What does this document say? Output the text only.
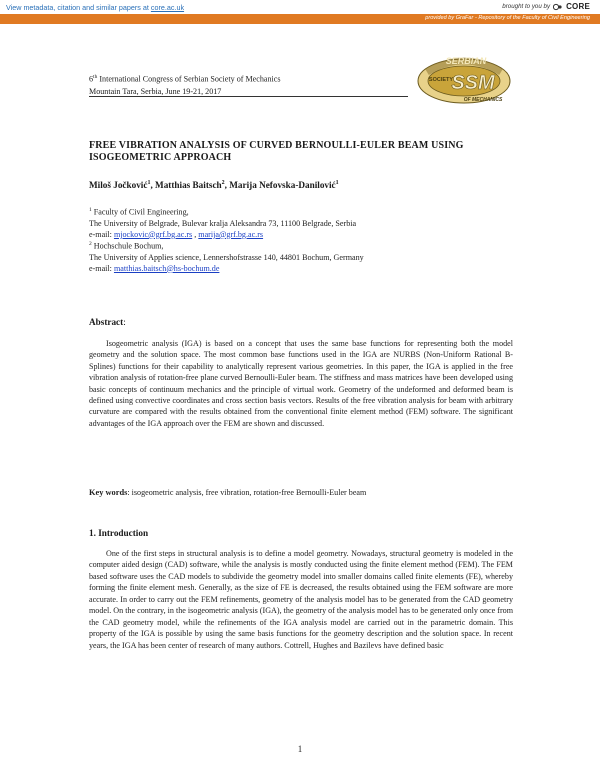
View metadata, citation and similar papers at core.ac.uk	brought to you by CORE
provided by GraFar - Repository of the Faculty of Civil Engineering
6th International Congress of Serbian Society of Mechanics
Mountain Tara, Serbia, June 19-21, 2017
SERBIAN
SOCIETY
SSM
OF MECHANICS
FREE VIBRATION ANALYSIS OF CURVED BERNOULLI-EULER BEAM USING ISOGEOMETRIC APPROACH
Miloš Jočković$^1$, Matthias Baitsch$^2$, Marija Nefovska-Danilović$^1$
$^1$ Faculty of Civil Engineering,
The University of Belgrade, Bulevar kralja Aleksandra 73, 11100 Belgrade, Serbia
e-mail: mjockovic@grf.bg.ac.rs , marija@grf.bg.ac.rs
$^2$ Hochschule Bochum,
The University of Applies science, Lennershofstrasse 140, 44801 Bochum, Germany
e-mail: matthias.baitsch@hs-bochum.de
Abstract:
Isogeometric analysis (IGA) is based on a concept that uses the same base functions for representing both the model geometry and the solution space. The most common base functions used in the IGA are NURBS (Non-Uniform Rational B-Splines) functions for their capability to analytically represent various geometries. In this paper, the IGA is applied in the free vibration analysis of rotation-free plane curved Bernoulli-Euler beam. The stiffness and mass matrices have been developed using basic concepts of continuum mechanics and the principle of virtual work. Geometry of the undeformed and deformed beam is defined using convective coordinates and cross section basis vectors. Results of the free vibration analysis for beam with arbitrary curvature are compared with the results obtained from the conventional finite element method (FEM) software. The significant advantages of the IGA approach over the FEM are shown and discussed.
Key words: isogeometric analysis, free vibration, rotation-free Bernoulli-Euler beam
1. Introduction
One of the first steps in structural analysis is to define a model geometry. Nowadays, structural geometry is modeled in the computer aided design (CAD) software, while the analysis is mostly conducted using the finite element method (FEM). The FEM based software uses the CAD models to subdivide the geometry model into smaller domains called finite elements (FE), whereby forming the finite element mesh. Generally, as the size of FE is decreased, the results obtained using the FEM software are more accurate. In order to carry out the FEM refinements, geometry of the analysis model has to be generated from the CAD geometry model. On the contrary, in the isogeometric analysis (IGA), the geometry of the analysis model has to be generated only once from the CAD geometry model, while the refinements of the IGA analysis model are carried out in the parametric domain. This property of the IGA is possible by using the same basis functions for the geometry description and the solution space. In recent years, the IGA has been center of research of many authors. Cottrell, Hughes and Bazilevs have defined basic
1
